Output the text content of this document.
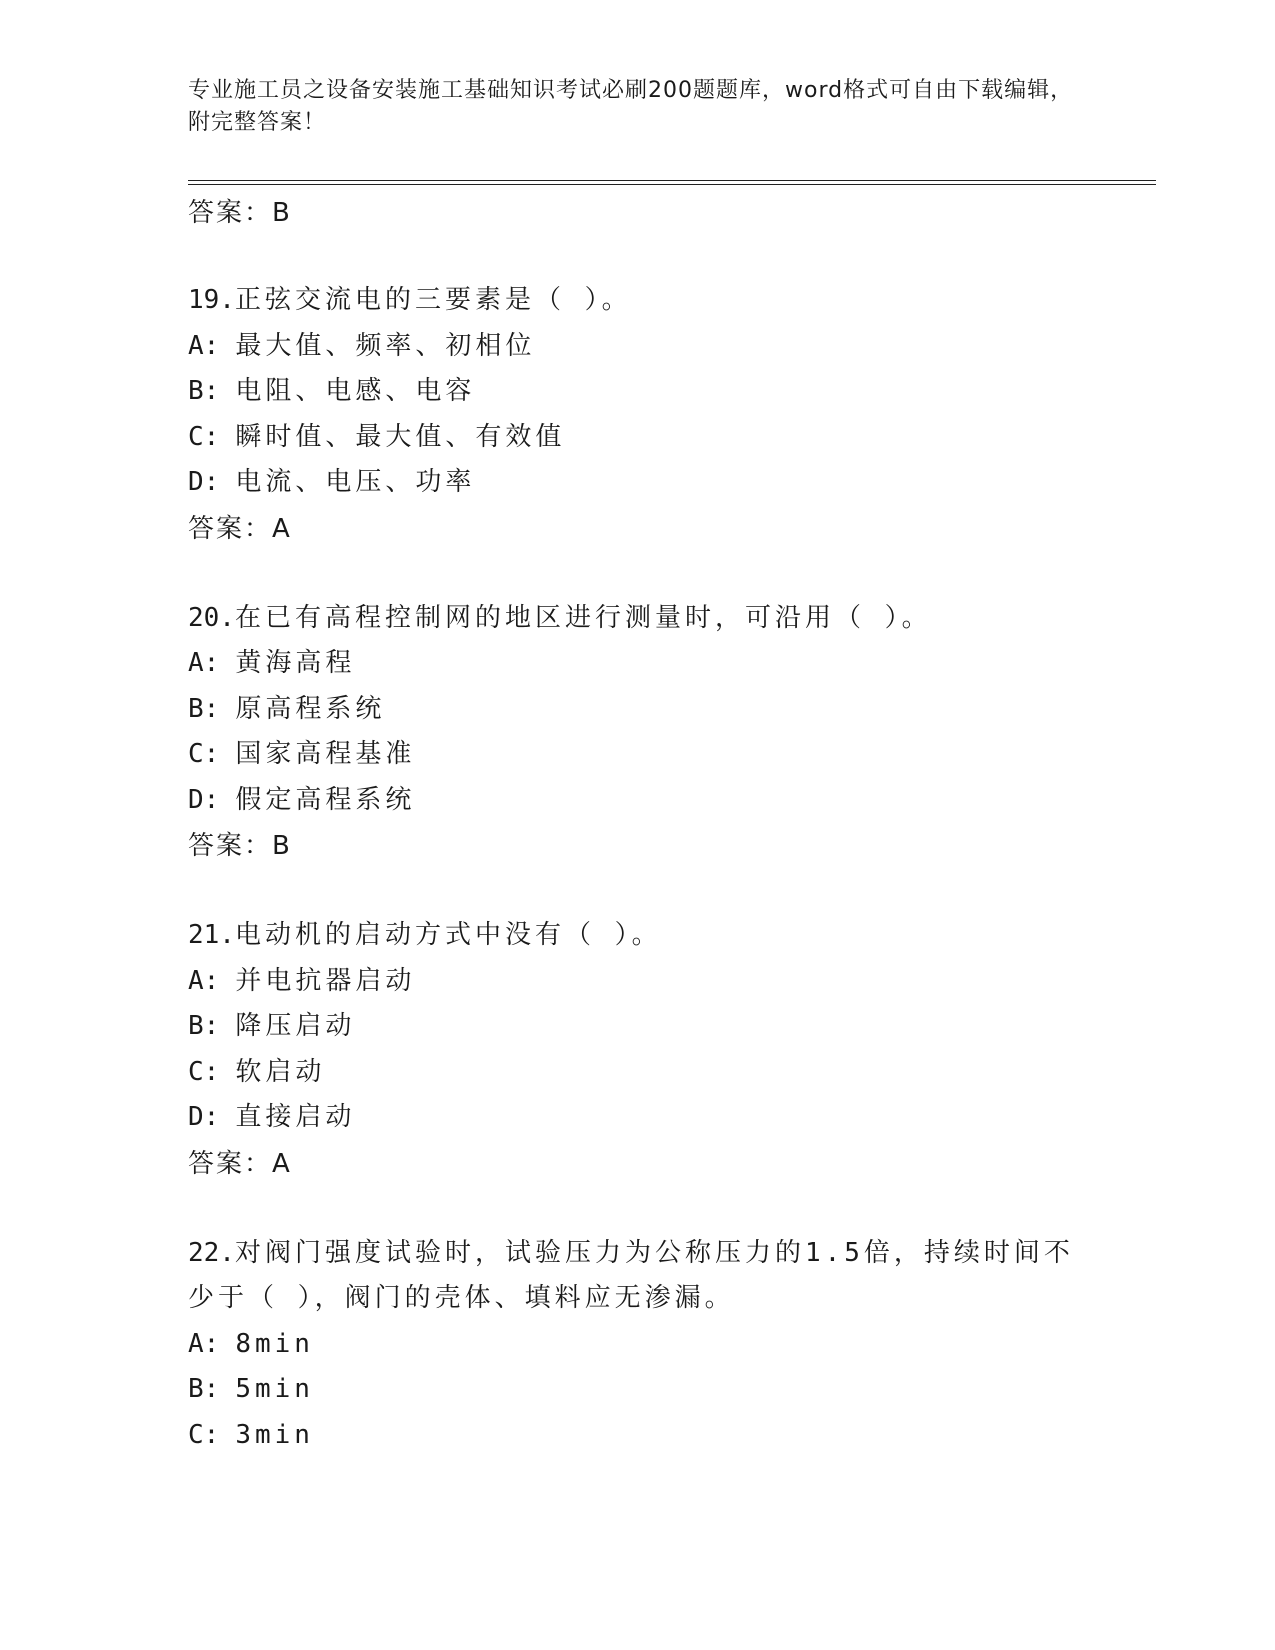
专业施工员之设备安装施工基础知识考试必刷200题题库，word格式可自由下载编辑，附完整答案！
答案：B
19.正弦交流电的三要素是（ ）。
A: 最大值、频率、初相位
B: 电阻、电感、电容
C: 瞬时值、最大值、有效值
D: 电流、电压、功率
答案：A
20.在已有高程控制网的地区进行测量时，可沿用（ ）。
A: 黄海高程
B: 原高程系统
C: 国家高程基准
D: 假定高程系统
答案：B
21.电动机的启动方式中没有（ ）。
A: 并电抗器启动
B: 降压启动
C: 软启动
D: 直接启动
答案：A
22.对阀门强度试验时，试验压力为公称压力的1.5倍，持续时间不少于（ ），阀门的壳体、填料应无渗漏。
A: 8min
B: 5min
C: 3min
